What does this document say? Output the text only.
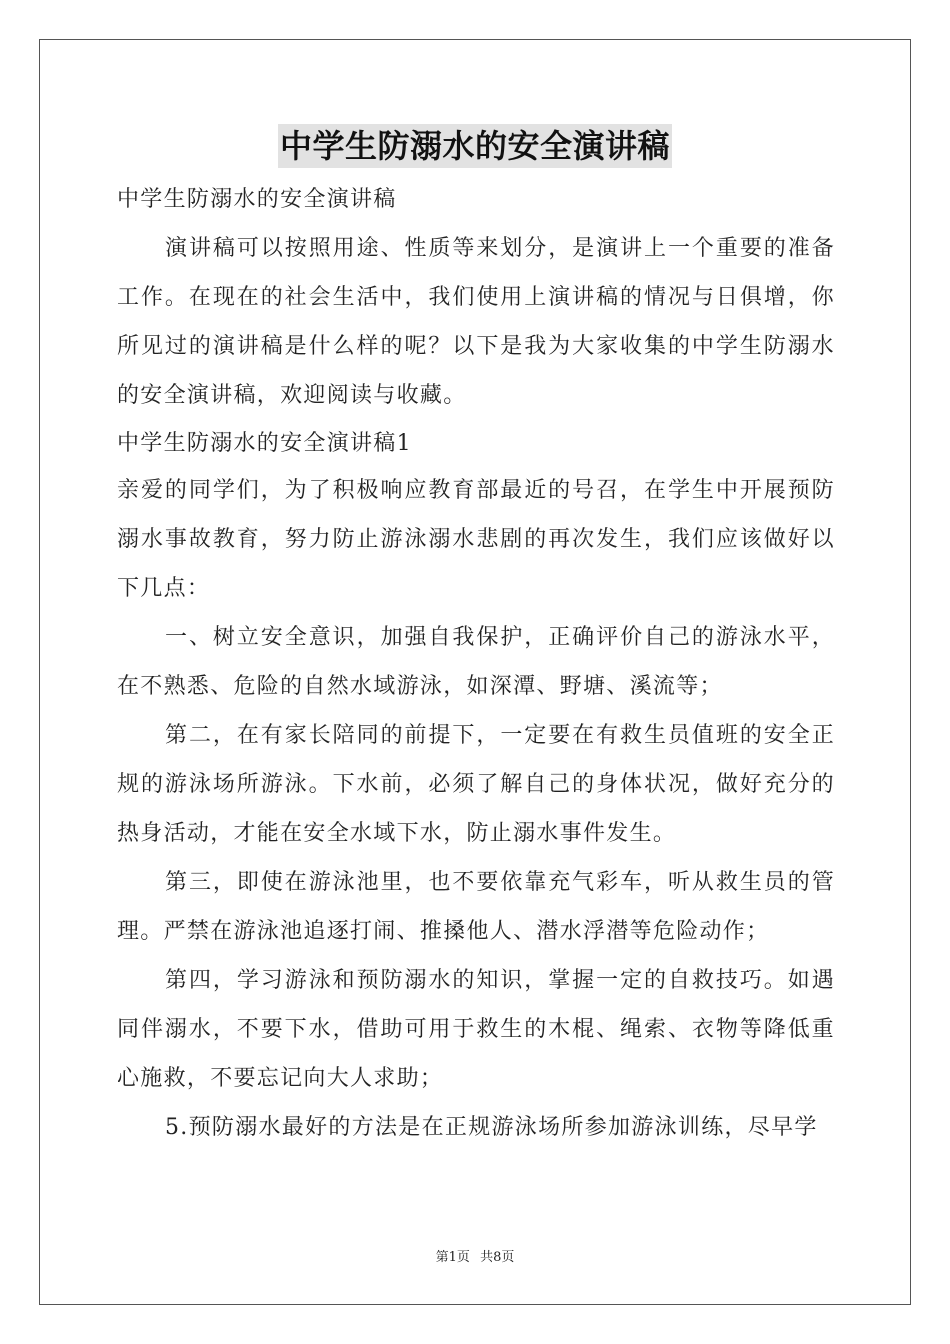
中学生防溺水的安全演讲稿

中学生防溺水的安全演讲稿

演讲稿可以按照用途、性质等来划分，是演讲上一个重要的准备工作。在现在的社会生活中，我们使用上演讲稿的情况与日俱增，你所见过的演讲稿是什么样的呢？以下是我为大家收集的中学生防溺水的安全演讲稿，欢迎阅读与收藏。

中学生防溺水的安全演讲稿1

亲爱的同学们，为了积极响应教育部最近的号召，在学生中开展预防溺水事故教育，努力防止游泳溺水悲剧的再次发生，我们应该做好以下几点：

一、树立安全意识，加强自我保护，正确评价自己的游泳水平，在不熟悉、危险的自然水域游泳，如深潭、野塘、溪流等；

第二，在有家长陪同的前提下，一定要在有救生员值班的安全正规的游泳场所游泳。下水前，必须了解自己的身体状况，做好充分的热身活动，才能在安全水域下水，防止溺水事件发生。

第三，即使在游泳池里，也不要依靠充气彩车，听从救生员的管理。严禁在游泳池追逐打闹、推搡他人、潜水浮潜等危险动作；

第四，学习游泳和预防溺水的知识，掌握一定的自救技巧。如遇同伴溺水，不要下水，借助可用于救生的木棍、绳索、衣物等降低重心施救，不要忘记向大人求助；

5.预防溺水最好的方法是在正规游泳场所参加游泳训练，尽早学

第1页 共8页
